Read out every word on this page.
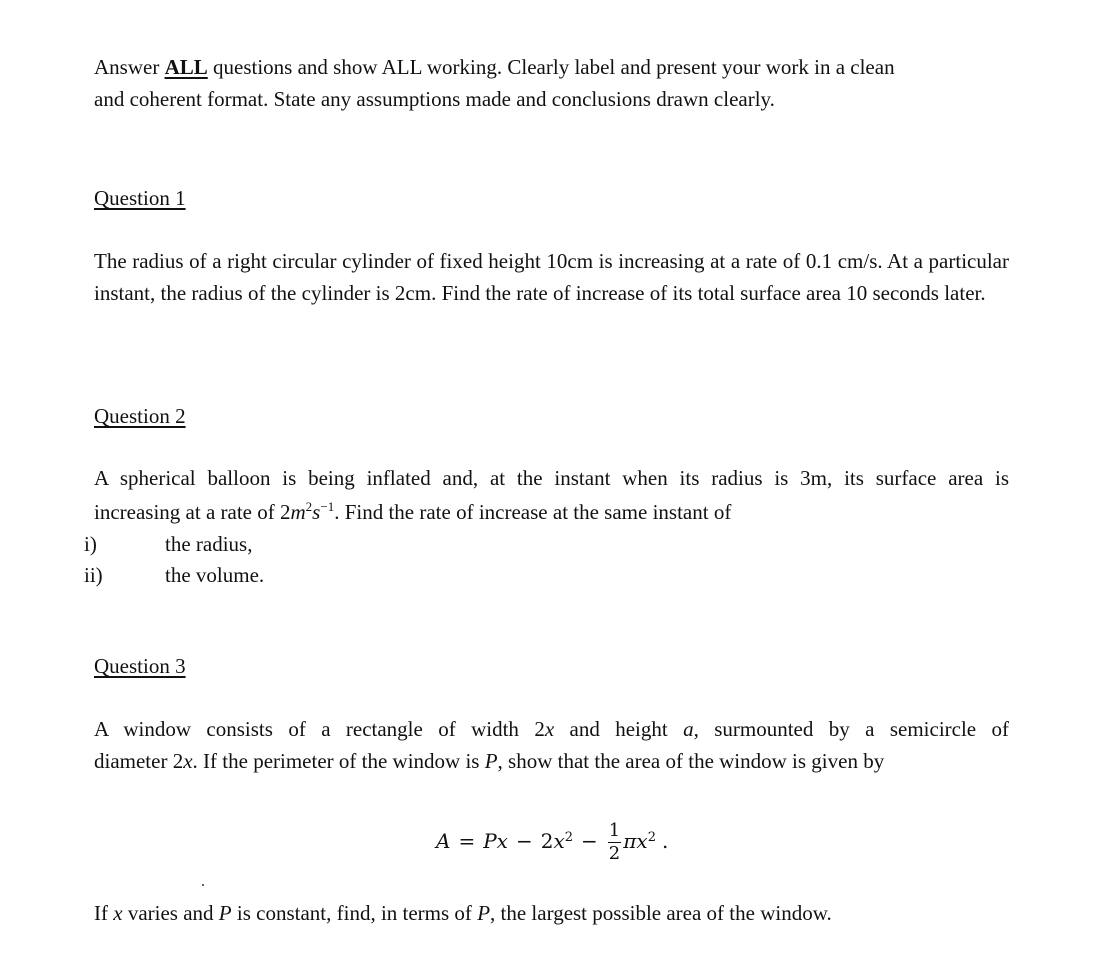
Answer ALL questions and show ALL working. Clearly label and present your work in a clean
and coherent format. State any assumptions made and conclusions drawn clearly.
Question 1
The radius of a right circular cylinder of fixed height 10cm is increasing at a rate of 0.1 cm/s. At a particular instant, the radius of the cylinder is 2cm. Find the rate of increase of its total surface area 10 seconds later.
Question 2
A spherical balloon is being inflated and, at the instant when its radius is 3m, its surface area is
increasing at a rate of $2m^2s^{-1}$. Find the rate of increase at the same instant of
i)	the radius,
ii)	the volume.
Question 3
A window consists of a rectangle of width 2x and height a, surmounted by a semicircle of
diameter 2x. If the perimeter of the window is P, show that the area of the window is given by
A = Px − 2 $x^2 - \frac{1}{2} \pi x^2$ .
If x varies and P is constant, find, in terms of P, the largest possible area of the window.
